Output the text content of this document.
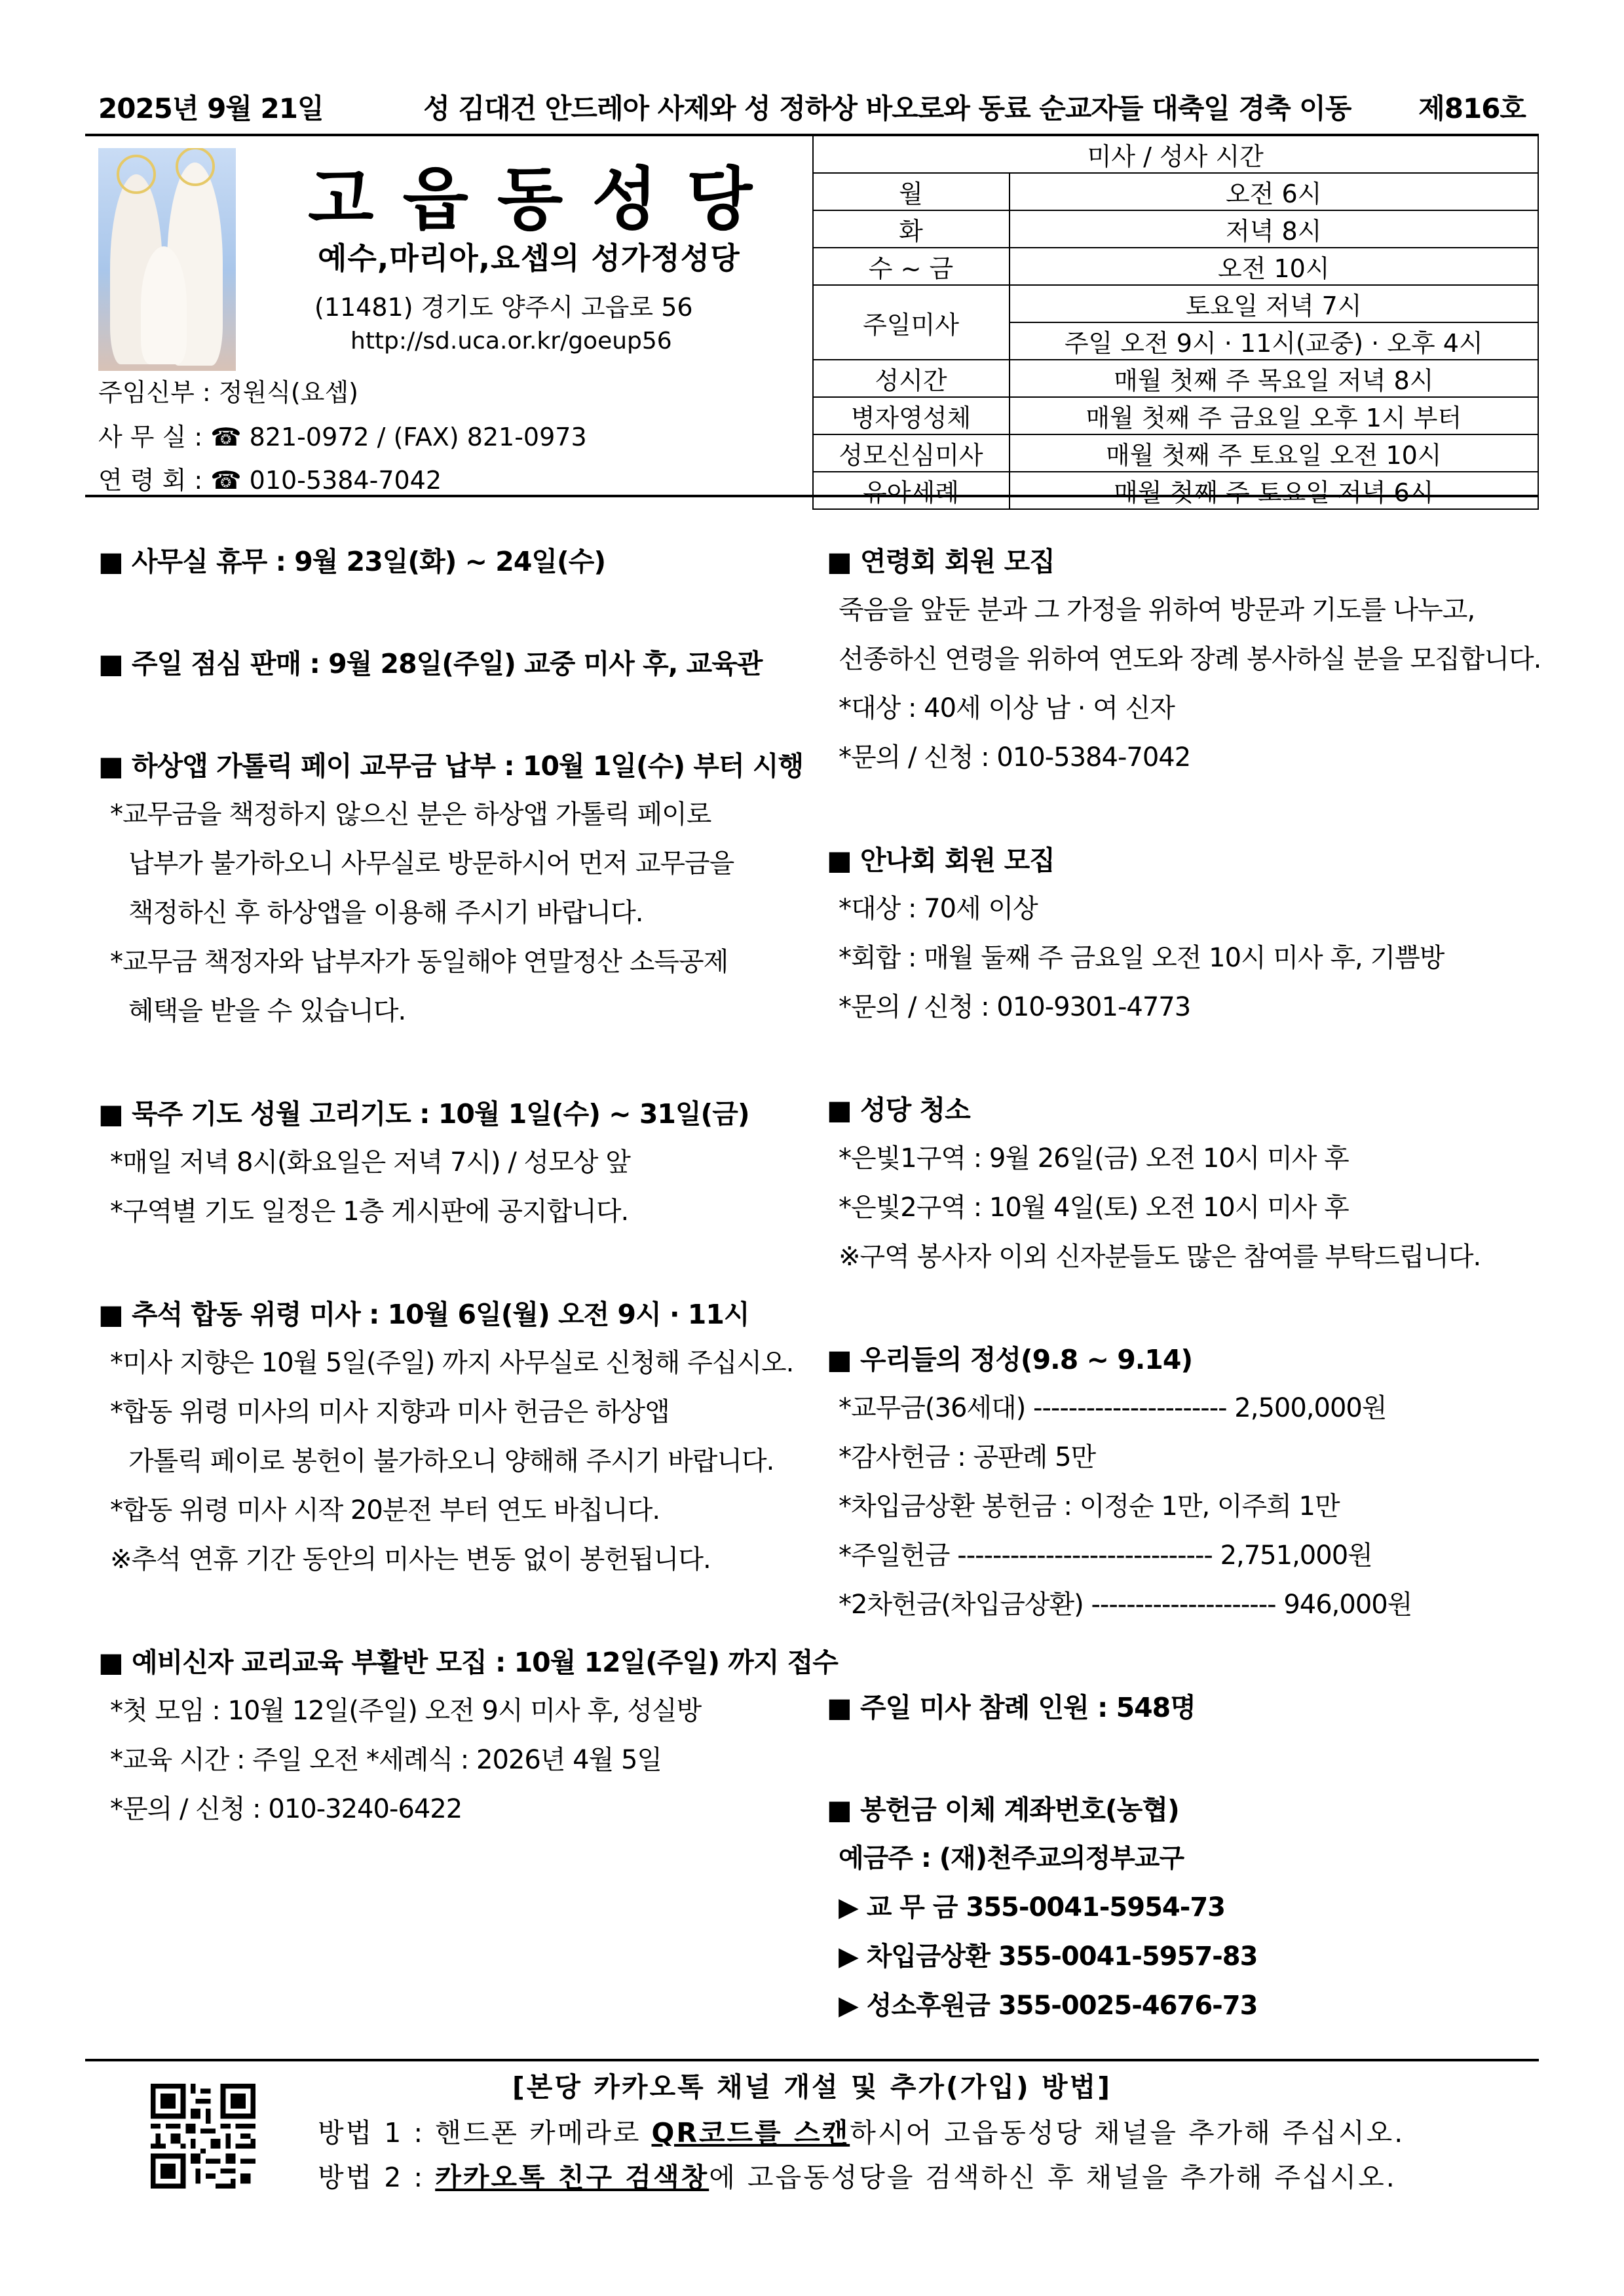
2025년 9월 21일	성 김대건 안드레아 사제와 성 정하상 바오로와 동료 순교자들 대축일 경축 이동	제816호
고읍동성당
예수,마리아,요셉의 성가정성당
(11481) 경기도 양주시 고읍로 56
http://sd.uca.or.kr/goeup56
주임신부 : 정원식(요셉)
사 무 실 : ☎ 821-0972 / (FAX) 821-0973
연 령 회 : ☎ 010-5384-7042
미사 / 성사 시간	
월	오전 6시
화	저녁 8시
수 ~ 금	오전 10시
주일미사	토요일 저녁 7시
	주일 오전 9시 · 11시(교중) · 오후 4시
성시간	매월 첫째 주 목요일 저녁 8시
병자영성체	매월 첫째 주 금요일 오후 1시 부터
성모신심미사	매월 첫째 주 토요일 오전 10시
유아세례	매월 첫째 주 토요일 저녁 6시
■ 사무실 휴무 : 9월 23일(화) ~ 24일(수)
■ 주일 점심 판매 : 9월 28일(주일) 교중 미사 후, 교육관
■ 하상앱 가톨릭 페이 교무금 납부 : 10월 1일(수) 부터 시행
*교무금을 책정하지 않으신 분은 하상앱 가톨릭 페이로
납부가 불가하오니 사무실로 방문하시어 먼저 교무금을
책정하신 후 하상앱을 이용해 주시기 바랍니다.
*교무금 책정자와 납부자가 동일해야 연말정산 소득공제
혜택을 받을 수 있습니다.
■ 묵주 기도 성월 고리기도 : 10월 1일(수) ~ 31일(금)
*매일 저녁 8시(화요일은 저녁 7시) / 성모상 앞
*구역별 기도 일정은 1층 게시판에 공지합니다.
■ 추석 합동 위령 미사 : 10월 6일(월) 오전 9시 · 11시
*미사 지향은 10월 5일(주일) 까지 사무실로 신청해 주십시오.
*합동 위령 미사의 미사 지향과 미사 헌금은 하상앱
가톨릭 페이로 봉헌이 불가하오니 양해해 주시기 바랍니다.
*합동 위령 미사 시작 20분전 부터 연도 바칩니다.
※추석 연휴 기간 동안의 미사는 변동 없이 봉헌됩니다.
■ 예비신자 교리교육 부활반 모집 : 10월 12일(주일) 까지 접수
*첫 모임 : 10월 12일(주일) 오전 9시 미사 후, 성실방
*교육 시간 : 주일 오전 *세례식 : 2026년 4월 5일
*문의 / 신청 : 010-3240-6422
■ 연령회 회원 모집
죽음을 앞둔 분과 그 가정을 위하여 방문과 기도를 나누고,
선종하신 연령을 위하여 연도와 장례 봉사하실 분을 모집합니다.
*대상 : 40세 이상 남 · 여 신자
*문의 / 신청 : 010-5384-7042
■ 안나회 회원 모집
*대상 : 70세 이상
*회합 : 매월 둘째 주 금요일 오전 10시 미사 후, 기쁨방
*문의 / 신청 : 010-9301-4773
■ 성당 청소
*은빛1구역 : 9월 26일(금) 오전 10시 미사 후
*은빛2구역 : 10월 4일(토) 오전 10시 미사 후
※구역 봉사자 이외 신자분들도 많은 참여를 부탁드립니다.
■ 우리들의 정성(9.8 ~ 9.14)
*교무금(36세대) ---------------------- 2,500,000원
*감사헌금 : 공판례 5만
*차입금상환 봉헌금 : 이정순 1만, 이주희 1만
*주일헌금 ----------------------------- 2,751,000원
*2차헌금(차입금상환) --------------------- 946,000원
■ 주일 미사 참례 인원 : 548명
■ 봉헌금 이체 계좌번호(농협)
예금주 : (재)천주교의정부교구
▶ 교 무 금 355-0041-5954-73
▶ 차입금상환 355-0041-5957-83
▶ 성소후원금 355-0025-4676-73
[본당 카카오톡 채널 개설 및 추가(가입) 방법]
방법 1 : 핸드폰 카메라로 QR코드를 스캔하시어 고읍동성당 채널을 추가해 주십시오.
방법 2 : 카카오톡 친구 검색창에 고읍동성당을 검색하신 후 채널을 추가해 주십시오.
